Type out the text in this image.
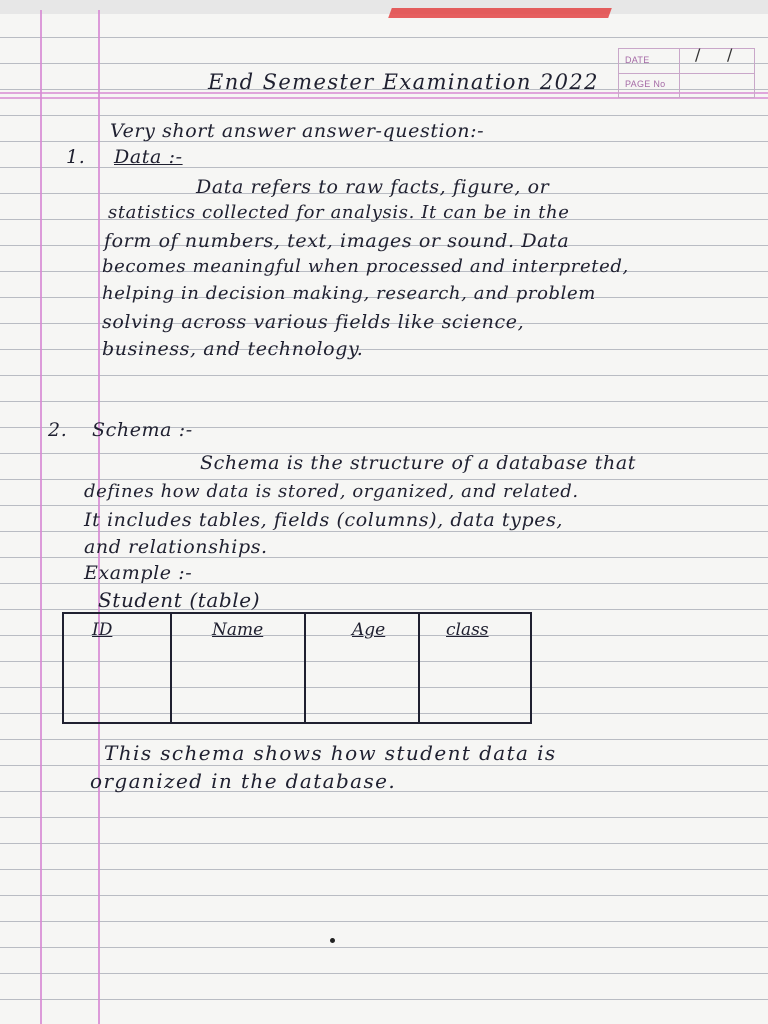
DATE
PAGE No
/ /
End Semester Examination 2022
Very short answer answer-question:-
1. Data :-
Data refers to raw facts, figure, or
statistics collected for analysis. It can be in the
form of numbers, text, images or sound. Data
becomes meaningful when processed and interpreted,
helping in decision making, research, and problem
solving across various fields like science,
business, and technology.
2. Schema :-
Schema is the structure of a database that
defines how data is stored, organized, and related.
It includes tables, fields (columns), data types,
and relationships.
Example :-
Student (table)
ID	Name	Age	class
This schema shows how student data is
organized in the database.
